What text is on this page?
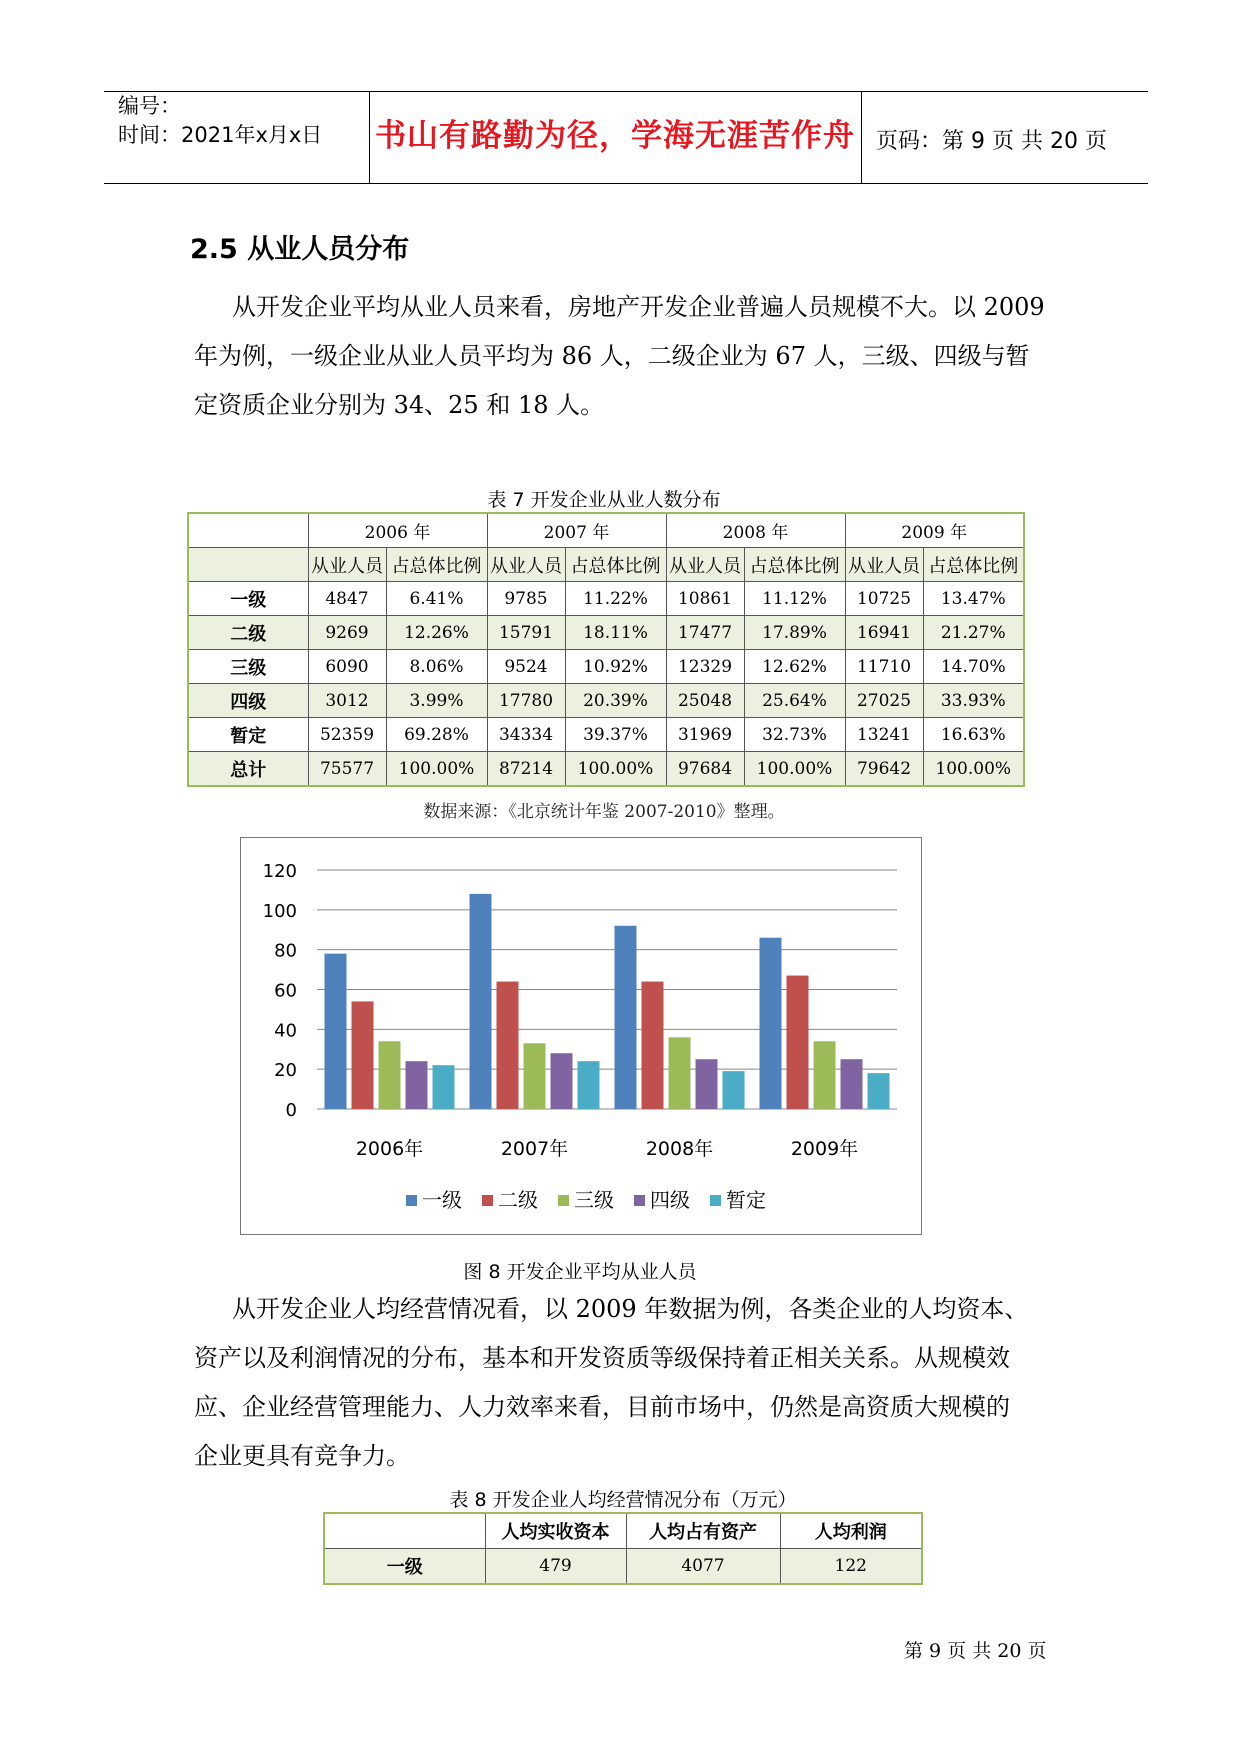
编号：
时间：2021年x月x日 书山有路勤为径，学海无涯苦作舟 页码：第 9 页 共 20 页
2.5 从业人员分布
从开发企业平均从业人员来看，房地产开发企业普遍人员规模不大。以 2009
年为例，一级企业从业人员平均为 86 人，二级企业为 67 人，三级、四级与暂
定资质企业分别为 34、25 和 18 人。
表 7 开发企业从业人数分布
	2006 年		2007 年		2008 年		2009 年	
	从业人员	占总体比例	从业人员	占总体比例	从业人员	占总体比例	从业人员	占总体比例
一级	4847	6.41%	9785	11.22%	10861	11.12%	10725	13.47%
二级	9269	12.26%	15791	18.11%	17477	17.89%	16941	21.27%
三级	6090	8.06%	9524	10.92%	12329	12.62%	11710	14.70%
四级	3012	3.99%	17780	20.39%	25048	25.64%	27025	33.93%
暂定	52359	69.28%	34334	39.37%	31969	32.73%	13241	16.63%
总计	75577	100.00%	87214	100.00%	97684	100.00%	79642	100.00%
数据来源：《北京统计年鉴 2007-2010》整理。
0
20
40
60
80
100
120
2006年	2007年	2008年	2009年
一级 二级 三级 四级 暂定
图 8 开发企业平均从业人员
从开发企业人均经营情况看，以 2009 年数据为例，各类企业的人均资本、
资产以及利润情况的分布，基本和开发资质等级保持着正相关关系。从规模效
应、企业经营管理能力、人力效率来看，目前市场中，仍然是高资质大规模的
企业更具有竞争力。
表 8 开发企业人均经营情况分布（万元）
	人均实收资本	人均占有资产	人均利润
一级	479	4077	122
第 9 页 共 20 页
